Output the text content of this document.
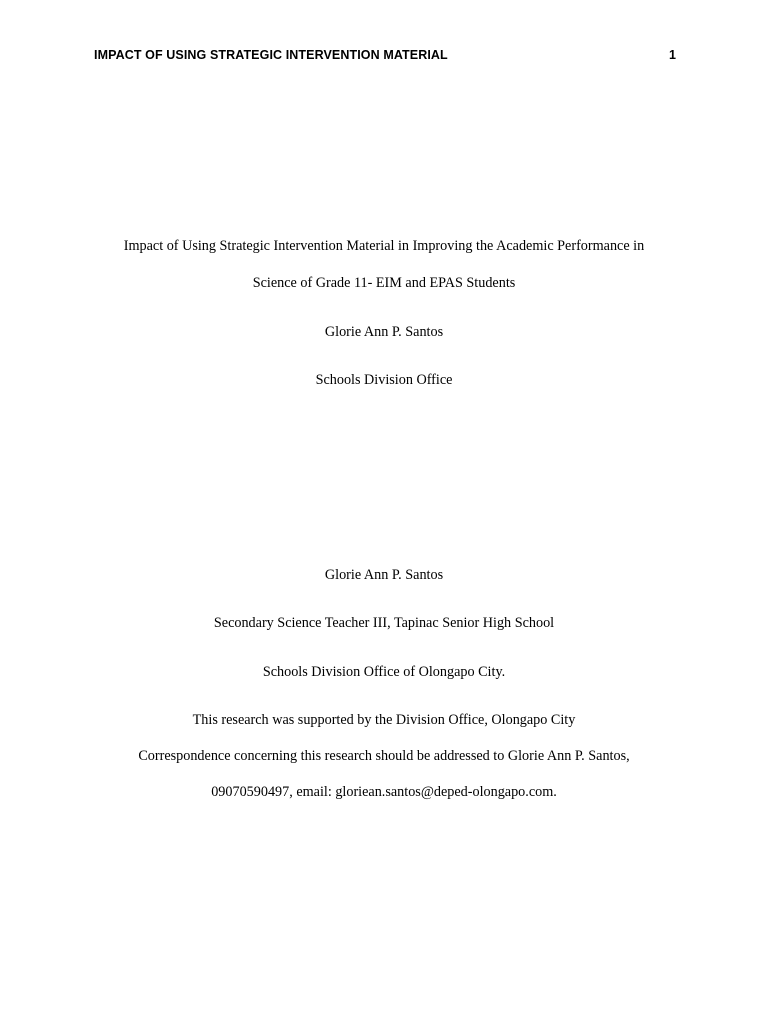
IMPACT OF USING STRATEGIC INTERVENTION MATERIAL	1
Impact of Using Strategic Intervention Material in Improving the Academic Performance in
Science of Grade 11- EIM and EPAS Students
Glorie Ann P. Santos
Schools Division Office
Glorie Ann P. Santos
Secondary Science Teacher III, Tapinac Senior High School
Schools Division Office of Olongapo City.
This research was supported by the Division Office, Olongapo City
Correspondence concerning this research should be addressed to Glorie Ann P. Santos,
09070590497, email: gloriean.santos@deped-olongapo.com.
